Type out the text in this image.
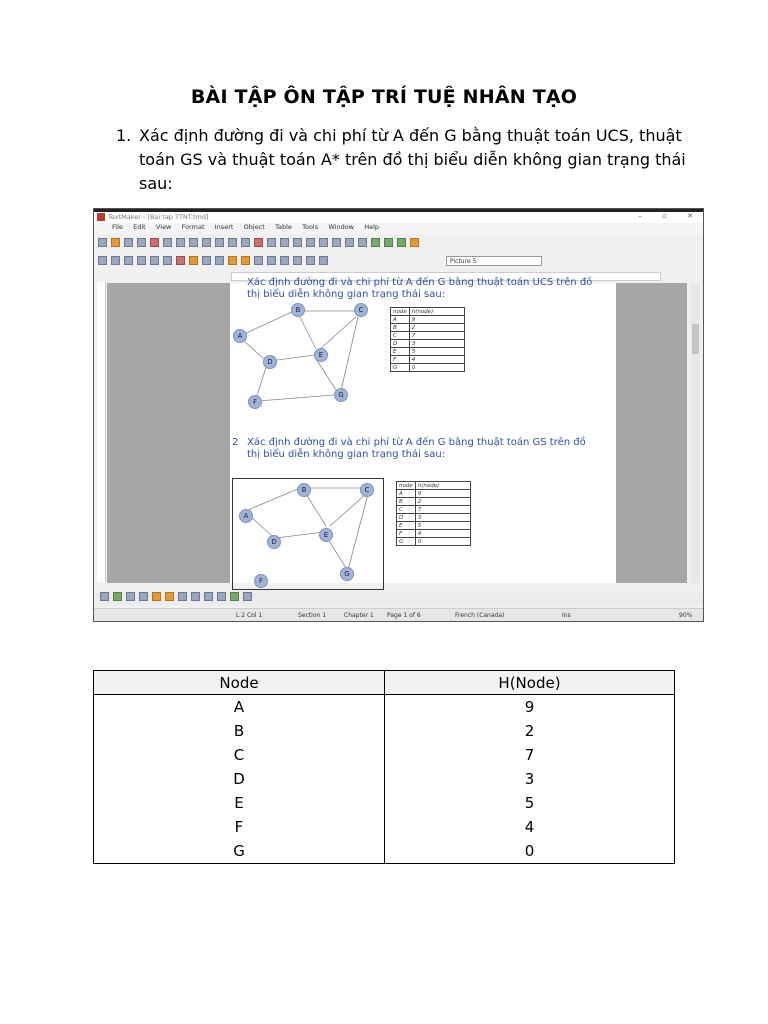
BÀI TẬP ÔN TẬP TRÍ TUỆ NHÂN TẠO
1. Xác định đường đi và chi phí từ A đến G bằng thuật toán UCS, thuật toán GS và thuật toán A* trên đồ thị biểu diễn không gian trạng thái sau:
TextMaker - [Bai tap TTNT.tmd]	–	▫	✕
File Edit View Format Insert Object Table Tools Window Help
Picture 5
Xác định đường đi và chi phí từ A đến G bằng thuật toán UCS trên đồ thị biểu diễn không gian trạng thái sau:
A
B	C
D
E
F
G
node	h(node)
A	9
B	2
C	7
D	3
E	5
F	4
G	0
2 Xác định đường đi và chi phí từ A đến G bằng thuật toán GS trên đồ thị biểu diễn không gian trạng thái sau:
A
B	C
D
E
F
G
node	h(node)
A	9
B	2
C	7
D	3
E	5
F	4
G	0
L 2 Col 1	Section 1	Chapter 1 Page 1 of 6	French (Canada)	Ins	90%
Node	H(Node)
A	9
B	2
C	7
D	3
E	5
F	4
G	0
